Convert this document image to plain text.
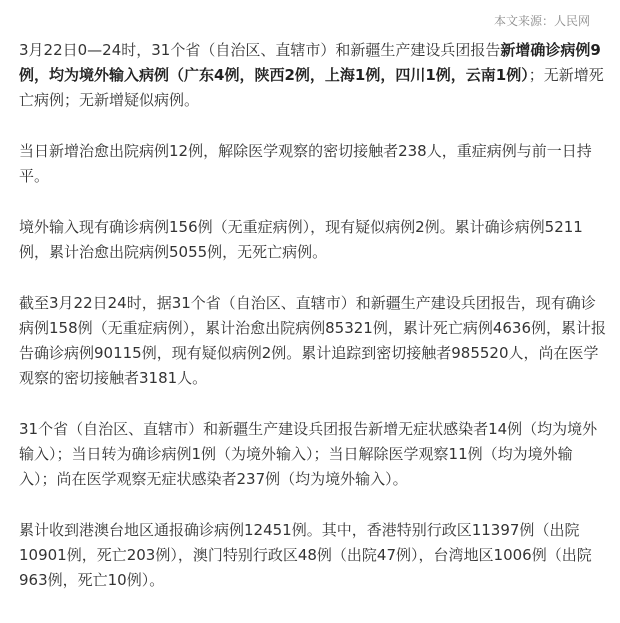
本文来源：人民网

3月22日0—24时，31个省（自治区、直辖市）和新疆生产建设兵团报告新增确诊病例9例，均为境外输入病例（广东4例，陕西2例，上海1例，四川1例，云南1例）；无新增死亡病例；无新增疑似病例。

当日新增治愈出院病例12例，解除医学观察的密切接触者238人，重症病例与前一日持平。

境外输入现有确诊病例156例（无重症病例），现有疑似病例2例。累计确诊病例5211例，累计治愈出院病例5055例，无死亡病例。

截至3月22日24时，据31个省（自治区、直辖市）和新疆生产建设兵团报告，现有确诊病例158例（无重症病例），累计治愈出院病例85321例，累计死亡病例4636例，累计报告确诊病例90115例，现有疑似病例2例。累计追踪到密切接触者985520人，尚在医学观察的密切接触者3181人。

31个省（自治区、直辖市）和新疆生产建设兵团报告新增无症状感染者14例（均为境外输入）；当日转为确诊病例1例（为境外输入）；当日解除医学观察11例（均为境外输入）；尚在医学观察无症状感染者237例（均为境外输入）。

累计收到港澳台地区通报确诊病例12451例。其中，香港特别行政区11397例（出院10901例，死亡203例），澳门特别行政区48例（出院47例），台湾地区1006例（出院963例，死亡10例）。
